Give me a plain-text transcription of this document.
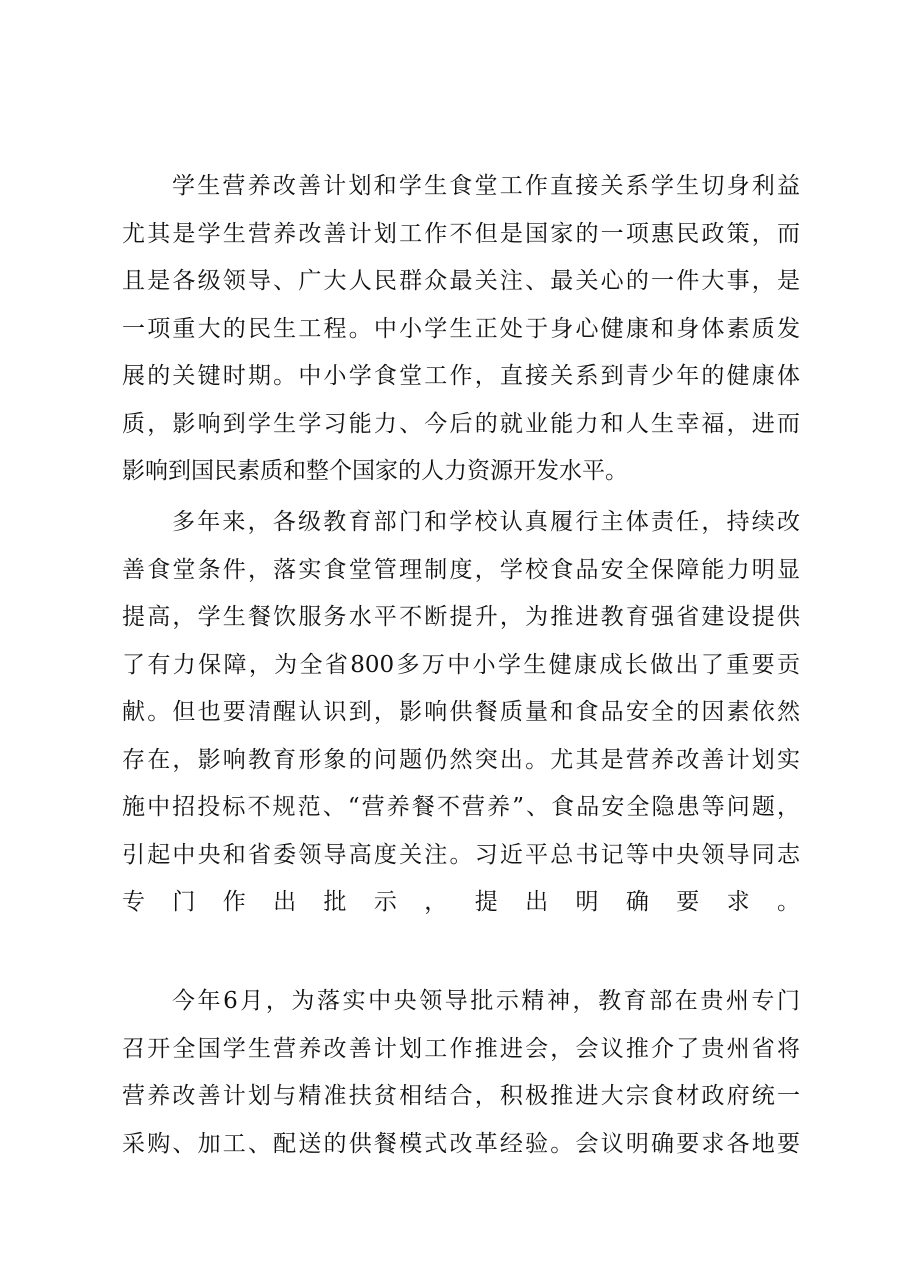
学生营养改善计划和学生食堂工作直接关系学生切身利益
尤其是学生营养改善计划工作不但是国家的一项惠民政策，而
且是各级领导、广大人民群众最关注、最关心的一件大事，是
一项重大的民生工程。中小学生正处于身心健康和身体素质发
展的关键时期。中小学食堂工作，直接关系到青少年的健康体
质，影响到学生学习能力、今后的就业能力和人生幸福，进而
影响到国民素质和整个国家的人力资源开发水平。
多年来，各级教育部门和学校认真履行主体责任，持续改
善食堂条件，落实食堂管理制度，学校食品安全保障能力明显
提高，学生餐饮服务水平不断提升，为推进教育强省建设提供
了有力保障，为全省800多万中小学生健康成长做出了重要贡
献。但也要清醒认识到，影响供餐质量和食品安全的因素依然
存在，影响教育形象的问题仍然突出。尤其是营养改善计划实
施中招投标不规范、“营养餐不营养”、食品安全隐患等问题，
引起中央和省委领导高度关注。习近平总书记等中央领导同志
专门作出批示，提出明确要求。
今年6月，为落实中央领导批示精神，教育部在贵州专门
召开全国学生营养改善计划工作推进会，会议推介了贵州省将
营养改善计划与精准扶贫相结合，积极推进大宗食材政府统一
采购、加工、配送的供餐模式改革经验。会议明确要求各地要
